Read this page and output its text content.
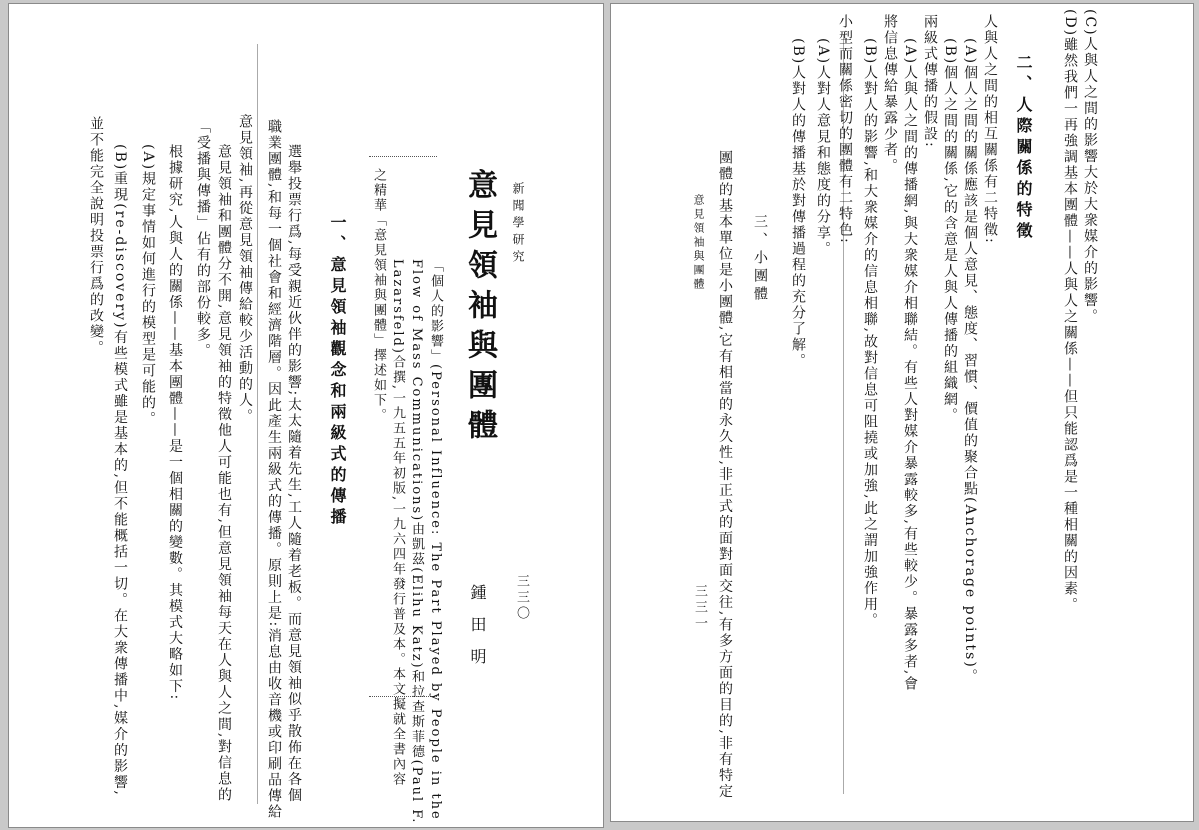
新聞學研究
三三〇
意見領袖與團體
鍾田明
「個人的影響」(Personal Influence: The Part Played by People in the
Flow of Mass Communications)由凱茲(Elihu Katz)和拉查斯菲德(Paul F.
Lazarsfeld)合撰,一九五五年初版,一九六四年發行普及本。本文擬就全書內容
之精華「意見領袖與團體」擇述如下。
一、意見領袖觀念和兩級式的傳播
選舉投票行爲,每受親近伙伴的影響;太太隨着先生,工人隨着老板。而意見領袖似乎散佈在各個
職業團體,和每一個社會和經濟階層。因此產生兩級式的傳播。原則上是:消息由收音機或印刷品傳給
意見領袖,再從意見領袖傳給較少活動的人。
意見領袖和團體分不開,意見領袖的特徵他人可能也有,但意見領袖每天在人與人之間,對信息的
「受播與傳播」佔有的部份較多。
根據研究,人與人的關係——基本團體——是一個相關的變數。其模式大略如下:
(A)規定事情如何進行的模型是可能的。
(B)重現(re-discovery)有些模式雖是基本的,但不能概括一切。在大衆傳播中,媒介的影響,
並不能完全說明投票行爲的改變。	(C)人與人之間的影響大於大衆媒介的影響。
(D)雖然我們一再強調基本團體——人與人之關係——但只能認爲是一種相關的因素。
二、人際關係的特徵
人與人之間的相互關係有二特徵:
(A)個人之間的關係應該是個人意見、態度、習慣、價值的聚合點(Anchorage points)。
(B)個人之間的關係,它的含意是人與人傳播的組織網。
兩級式傳播的假設:
(A)人與人之間的傳播網,與大衆媒介相聯結。有些人對媒介暴露較多,有些較少。暴露多者,會
將信息傳給暴露少者。
(B)人對人的影響,和大衆媒介的信息相聯,故對信息可阻撓或加強,此之謂加強作用。
小型而關係密切的團體有二特色:
(A)人對人意見和態度的分享。
(B)人對人的傳播基於對傳播過程的充分了解。
三、小團體
團體的基本單位是小團體,它有相當的永久性,非正式的面對面交往,有多方面的目的,非有特定
意見領袖與團體
三三一
